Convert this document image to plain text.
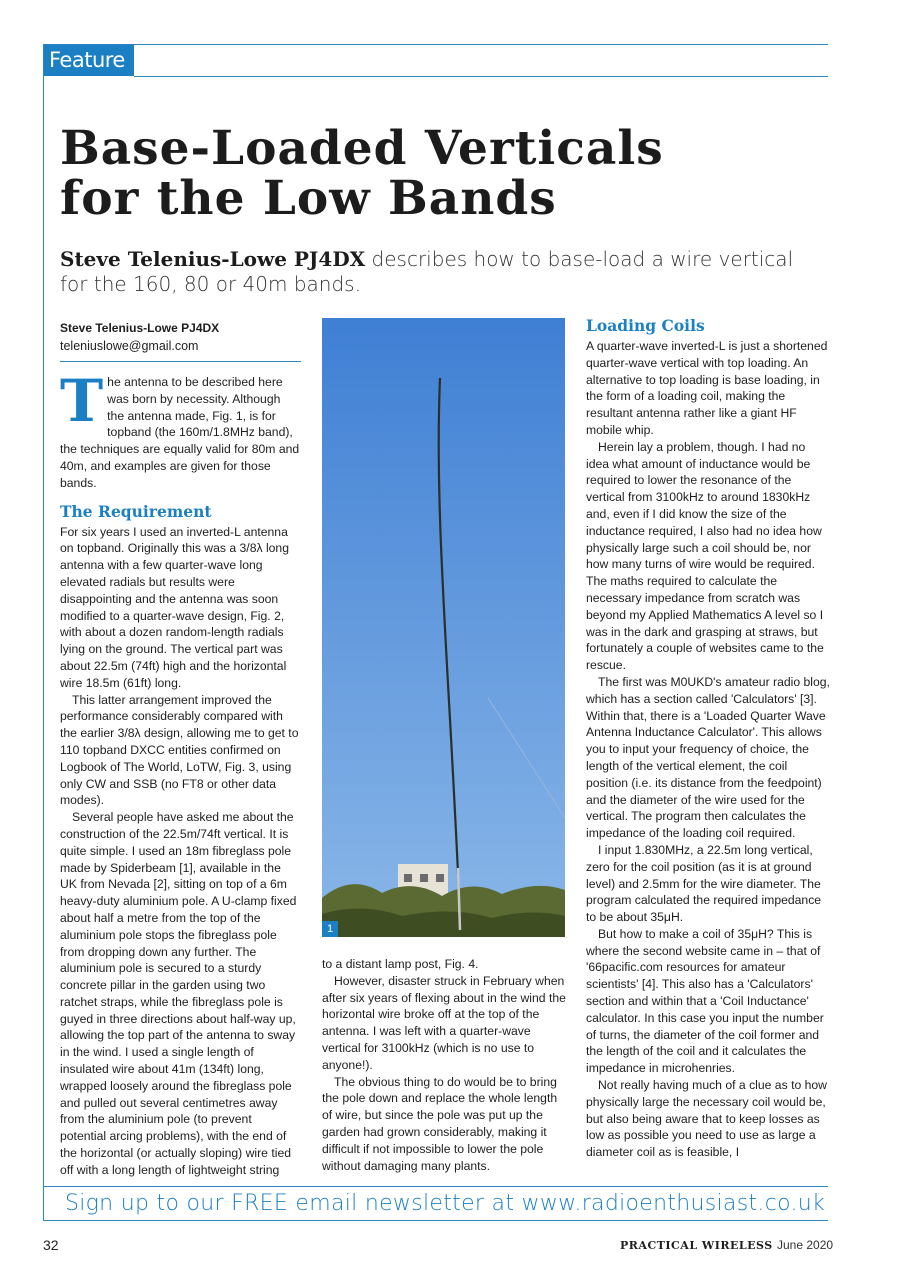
Feature
Base-Loaded Verticals
for the Low Bands

Steve Telenius-Lowe PJ4DX describes how to base-load a wire vertical for the 160, 80 or 40m bands.

Steve Telenius-Lowe PJ4DX
teleniuslowe@gmail.com

The antenna to be described here was born by necessity. Although the antenna made, Fig. 1, is for topband (the 160m/1.8MHz band), the techniques are equally valid for 80m and 40m, and examples are given for those bands.

The Requirement

For six years I used an inverted-L antenna on topband. Originally this was a 3/8λ long antenna with a few quarter-wave long elevated radials but results were disappointing and the antenna was soon modified to a quarter-wave design, Fig. 2, with about a dozen random-length radials lying on the ground. The vertical part was about 22.5m (74ft) high and the horizontal wire 18.5m (61ft) long.

This latter arrangement improved the performance considerably compared with the earlier 3/8λ design, allowing me to get to 110 topband DXCC entities confirmed on Logbook of The World, LoTW, Fig. 3, using only CW and SSB (no FT8 or other data modes).

Several people have asked me about the construction of the 22.5m/74ft vertical. It is quite simple. I used an 18m fibreglass pole made by Spiderbeam [1], available in the UK from Nevada [2], sitting on top of a 6m heavy-duty aluminium pole. A U-clamp fixed about half a metre from the top of the aluminium pole stops the fibreglass pole from dropping down any further. The aluminium pole is secured to a sturdy concrete pillar in the garden using two ratchet straps, while the fibreglass pole is guyed in three directions about half-way up, allowing the top part of the antenna to sway in the wind. I used a single length of insulated wire about 41m (134ft) long, wrapped loosely around the fibreglass pole and pulled out several centimetres away from the aluminium pole (to prevent potential arcing problems), with the end of the horizontal (or actually sloping) wire tied off with a long length of lightweight string

1

to a distant lamp post, Fig. 4.

However, disaster struck in February when after six years of flexing about in the wind the horizontal wire broke off at the top of the antenna. I was left with a quarter-wave vertical for 3100kHz (which is no use to anyone!).

The obvious thing to do would be to bring the pole down and replace the whole length of wire, but since the pole was put up the garden had grown considerably, making it difficult if not impossible to lower the pole without damaging many plants.

Loading Coils

A quarter-wave inverted-L is just a shortened quarter-wave vertical with top loading. An alternative to top loading is base loading, in the form of a loading coil, making the resultant antenna rather like a giant HF mobile whip.

Herein lay a problem, though. I had no idea what amount of inductance would be required to lower the resonance of the vertical from 3100kHz to around 1830kHz and, even if I did know the size of the inductance required, I also had no idea how physically large such a coil should be, nor how many turns of wire would be required. The maths required to calculate the necessary impedance from scratch was beyond my Applied Mathematics A level so I was in the dark and grasping at straws, but fortunately a couple of websites came to the rescue.

The first was M0UKD's amateur radio blog, which has a section called 'Calculators' [3]. Within that, there is a 'Loaded Quarter Wave Antenna Inductance Calculator'. This allows you to input your frequency of choice, the length of the vertical element, the coil position (i.e. its distance from the feedpoint) and the diameter of the wire used for the vertical. The program then calculates the impedance of the loading coil required.

I input 1.830MHz, a 22.5m long vertical, zero for the coil position (as it is at ground level) and 2.5mm for the wire diameter. The program calculated the required impedance to be about 35μH.

But how to make a coil of 35μH? This is where the second website came in – that of '66pacific.com resources for amateur scientists' [4]. This also has a 'Calculators' section and within that a 'Coil Inductance' calculator. In this case you input the number of turns, the diameter of the coil former and the length of the coil and it calculates the impedance in microhenries.

Not really having much of a clue as to how physically large the necessary coil would be, but also being aware that to keep losses as low as possible you need to use as large a diameter coil as is feasible, I

Sign up to our FREE email newsletter at www.radioenthusiast.co.uk
32	PRACTICAL WIRELESS June 2020
